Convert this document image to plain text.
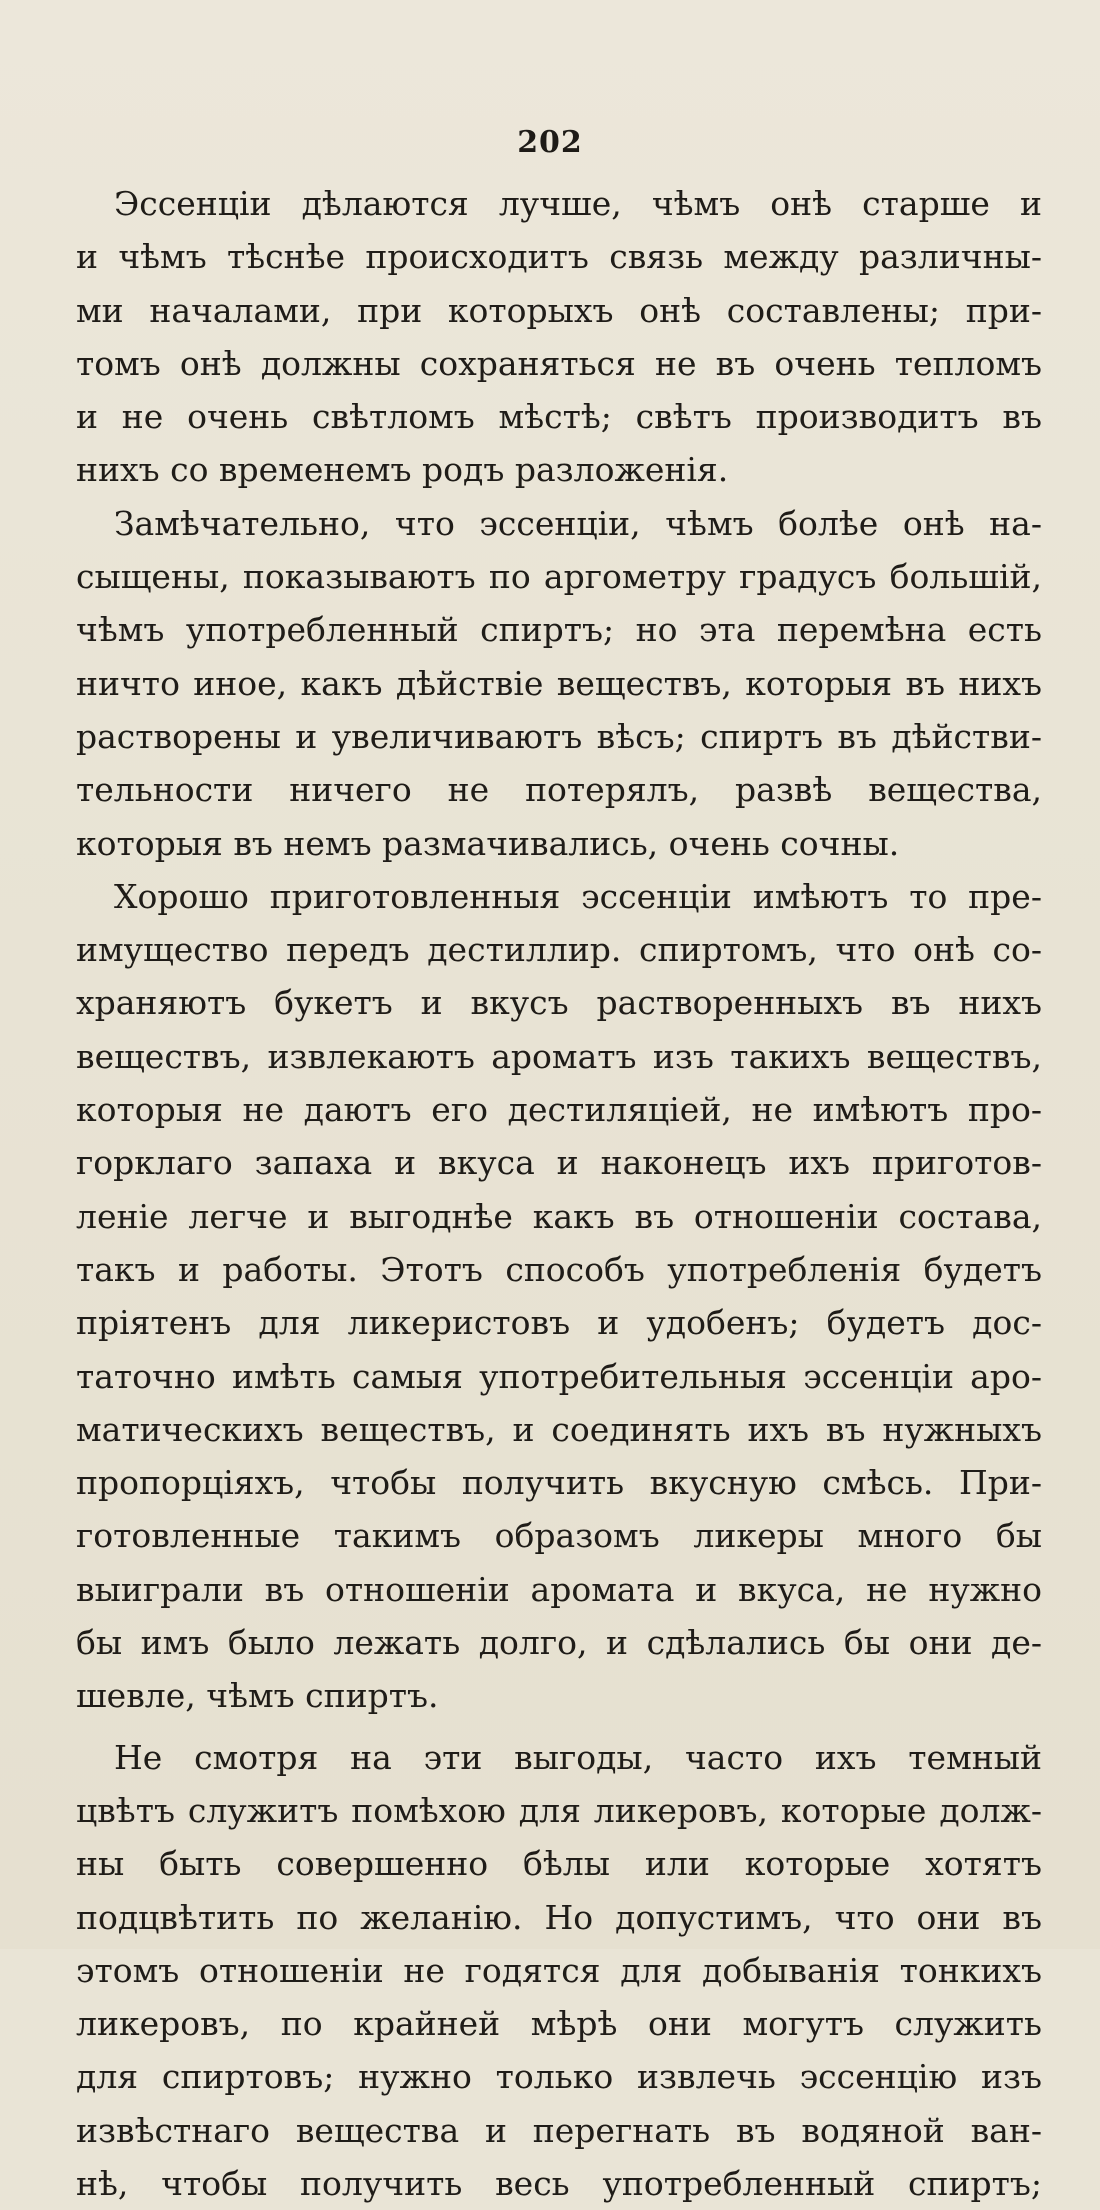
202
Эссенціи дѣлаются лучше, чѣмъ онѣ старше и
и чѣмъ тѣснѣе происходитъ связь между различны-
ми началами, при которыхъ онѣ составлены; при-
томъ онѣ должны сохраняться не въ очень тепломъ
и не очень свѣтломъ мѣстѣ; свѣтъ производитъ въ
нихъ со временемъ родъ разложенія.
Замѣчательно, что эссенціи, чѣмъ болѣе онѣ на-
сыщены, показываютъ по аргометру градусъ большій,
чѣмъ употребленный спиртъ; но эта перемѣна есть
ничто иное, какъ дѣйствіе веществъ, которыя въ нихъ
растворены и увеличиваютъ вѣсъ; спиртъ въ дѣйстви-
тельности ничего не потерялъ, развѣ вещества,
которыя въ немъ размачивались, очень сочны.
Хорошо приготовленныя эссенціи имѣютъ то пре-
имущество передъ дестиллир. спиртомъ, что онѣ со-
храняютъ букетъ и вкусъ растворенныхъ въ нихъ
веществъ, извлекаютъ ароматъ изъ такихъ веществъ,
которыя не даютъ его дестиляціей, не имѣютъ про-
горклаго запаха и вкуса и наконецъ ихъ приготов-
леніе легче и выгоднѣе какъ въ отношеніи состава,
такъ и работы. Этотъ способъ употребленія будетъ
пріятенъ для ликеристовъ и удобенъ; будетъ дос-
таточно имѣть самыя употребительныя эссенціи аро-
матическихъ веществъ, и соединять ихъ въ нужныхъ
пропорціяхъ, чтобы получить вкусную смѣсь. При-
готовленные такимъ образомъ ликеры много бы
выиграли въ отношеніи аромата и вкуса, не нужно
бы имъ было лежать долго, и сдѣлались бы они де-
шевле, чѣмъ спиртъ.
Не смотря на эти выгоды, часто ихъ темный
цвѣтъ служитъ помѣхою для ликеровъ, которые долж-
ны быть совершенно бѣлы или которые хотятъ
подцвѣтить по желанію. Но допустимъ, что они въ
этомъ отношеніи не годятся для добыванія тонкихъ
ликеровъ, по крайней мѣрѣ они могутъ служить
для спиртовъ; нужно только извлечь эссенцію изъ
извѣстнаго вещества и перегнать въ водяной ван-
нѣ, чтобы получить весь употребленный спиртъ;
